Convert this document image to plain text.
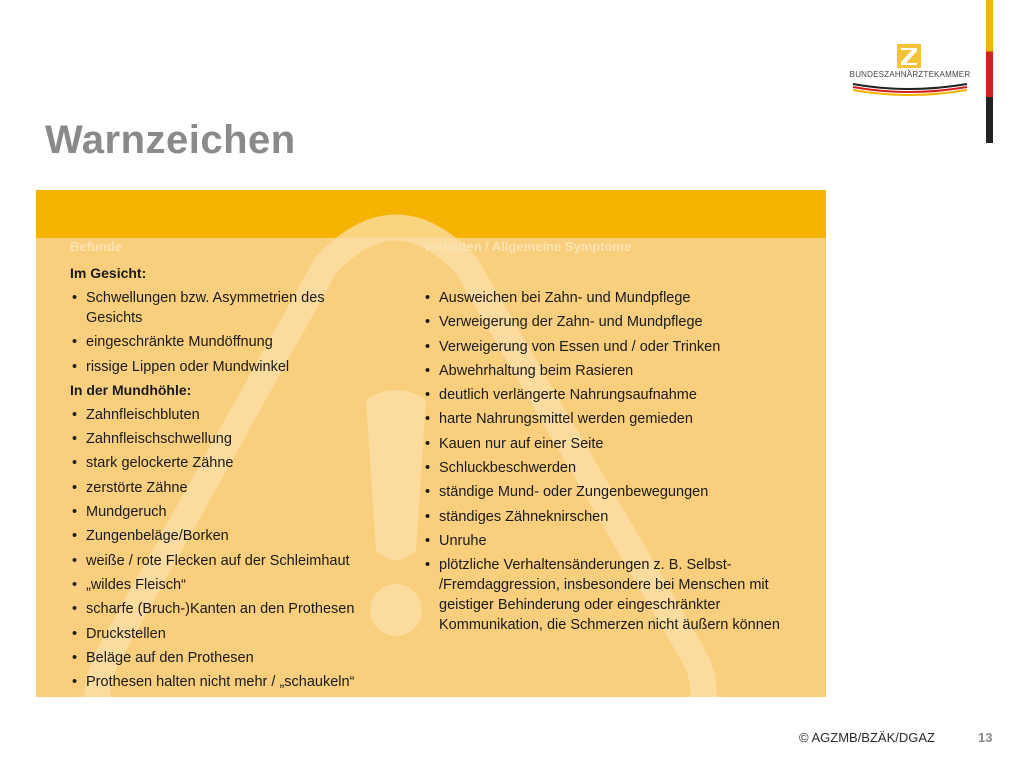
BUNDESZAHNÄRZTEKAMMER
Warnzeichen
Befunde	Verhalten / Allgemeine Symptome

Im Gesicht:

• Schwellungen bzw. Asymmetrien des Gesichts
• eingeschränkte Mundöffnung
• rissige Lippen oder Mundwinkel

In der Mundhöhle:

• Zahnfleischbluten
• Zahnfleischschwellung
• stark gelockerte Zähne
• zerstörte Zähne
• Mundgeruch
• Zungenbeläge/Borken
• weiße / rote Flecken auf der Schleimhaut
• „wildes Fleisch“
• scharfe (Bruch-)Kanten an den Prothesen
• Druckstellen
• Beläge auf den Prothesen
• Prothesen halten nicht mehr / „schaukeln“
• Ausweichen bei Zahn- und Mundpflege
• Verweigerung der Zahn- und Mundpflege
• Verweigerung von Essen und / oder Trinken
• Abwehrhaltung beim Rasieren
• deutlich verlängerte Nahrungsaufnahme
• harte Nahrungsmittel werden gemieden
• Kauen nur auf einer Seite
• Schluckbeschwerden
• ständige Mund- oder Zungenbewegungen
• ständiges Zähneknirschen
• Unruhe
• plötzliche Verhaltensänderungen z. B. Selbst- /Fremdaggression, insbesondere bei Menschen mit geistiger Behinderung oder eingeschränkter Kommunikation, die Schmerzen nicht äußern können
© AGZMB/BZÄK/DGAZ	13
